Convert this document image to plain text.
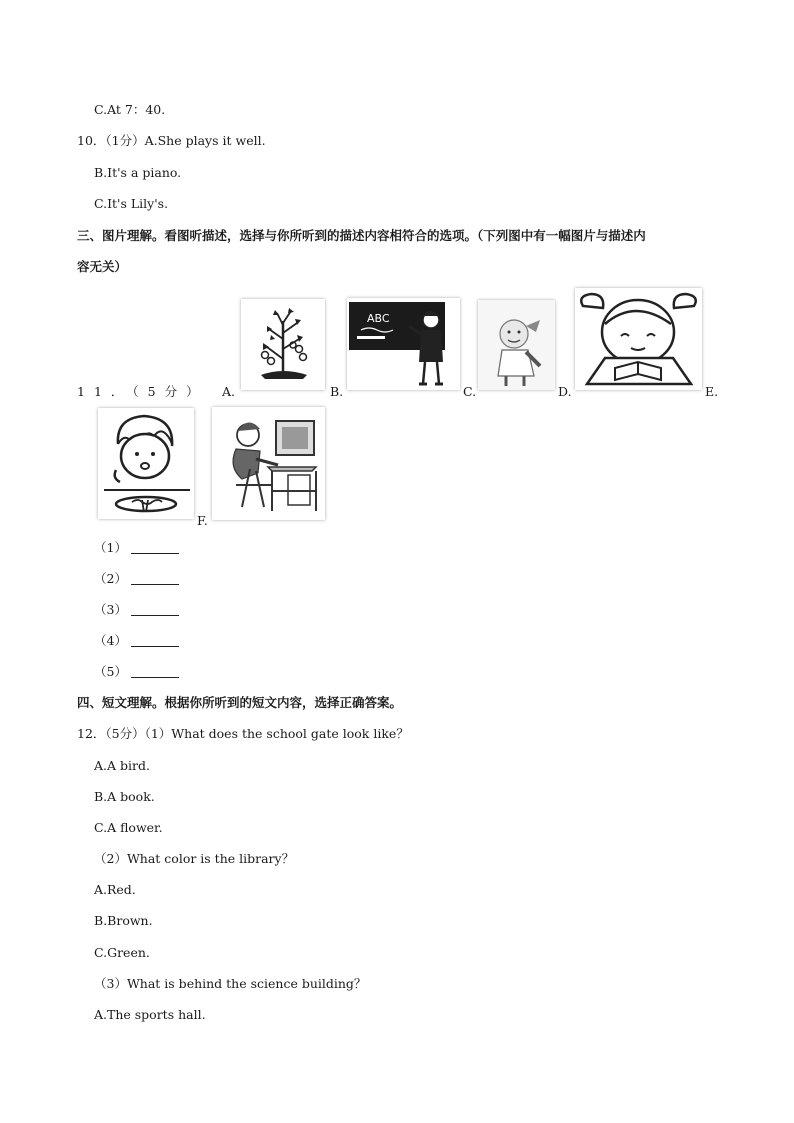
C.At 7：40.
10．（1分）A.She plays it well.
B.It's a piano.
C.It's Lily's.
三、图片理解。看图听描述，选择与你所听到的描述内容相符合的选项。（下列图中有一幅图片与描述内
容无关）
11．（5分） A.	B.
ABC
C.	D.	E.
F.
（1）
（2）
（3）
（4）
（5）
四、短文理解。根据你所听到的短文内容，选择正确答案。
12．（5分）（1）What does the school gate look like？
A.A bird.
B.A book.
C.A flower.
（2）What color is the library？
A.Red.
B.Brown.
C.Green.
（3）What is behind the science building？
A.The sports hall.
